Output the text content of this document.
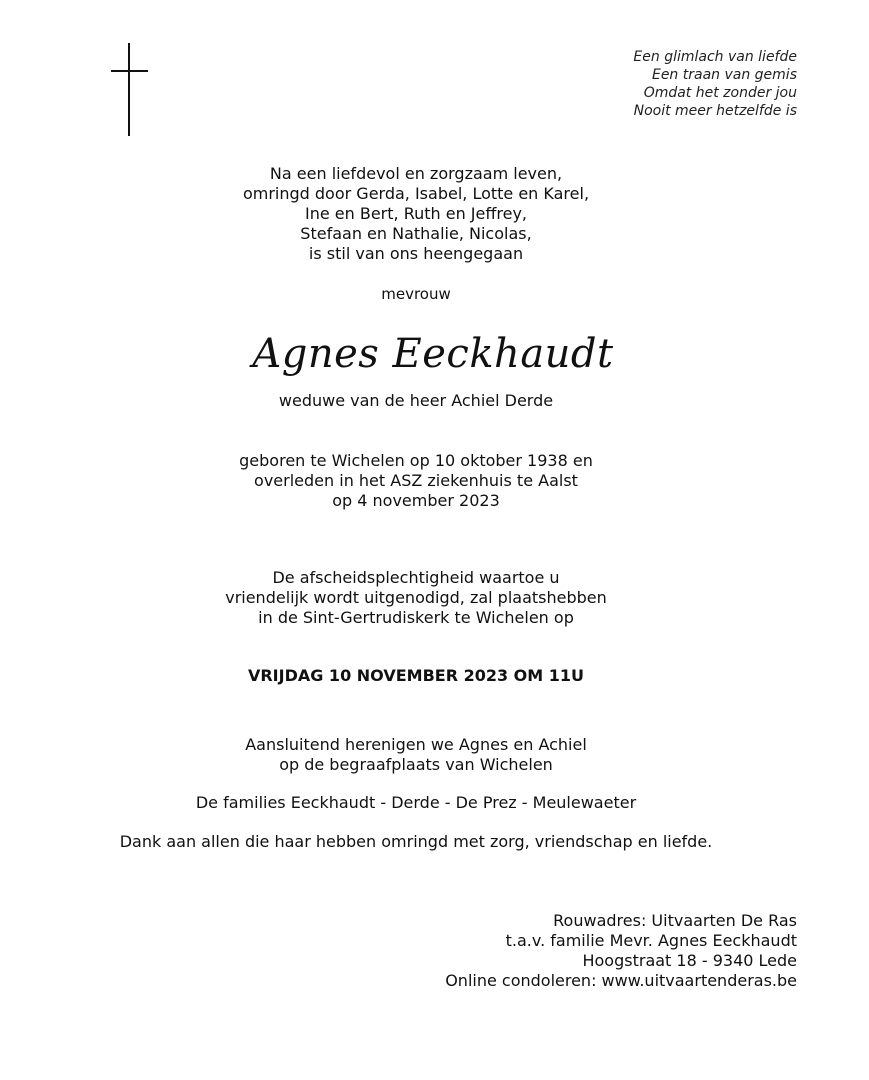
Een glimlach van liefde
Een traan van gemis
Omdat het zonder jou
Nooit meer hetzelfde is
Na een liefdevol en zorgzaam leven,
omringd door Gerda, Isabel, Lotte en Karel,
Ine en Bert, Ruth en Jeffrey,
Stefaan en Nathalie, Nicolas,
is stil van ons heengegaan
mevrouw
Agnes Eeckhaudt
weduwe van de heer Achiel Derde
geboren te Wichelen op 10 oktober 1938 en
overleden in het ASZ ziekenhuis te Aalst
op 4 november 2023
De afscheidsplechtigheid waartoe u
vriendelijk wordt uitgenodigd, zal plaatshebben
in de Sint-Gertrudiskerk te Wichelen op
VRIJDAG 10 NOVEMBER 2023 OM 11U
Aansluitend herenigen we Agnes en Achiel
op de begraafplaats van Wichelen
De families Eeckhaudt - Derde - De Prez - Meulewaeter
Dank aan allen die haar hebben omringd met zorg, vriendschap en liefde.
Rouwadres: Uitvaarten De Ras
t.a.v. familie Mevr. Agnes Eeckhaudt
Hoogstraat 18 - 9340 Lede
Online condoleren: www.uitvaartenderas.be
